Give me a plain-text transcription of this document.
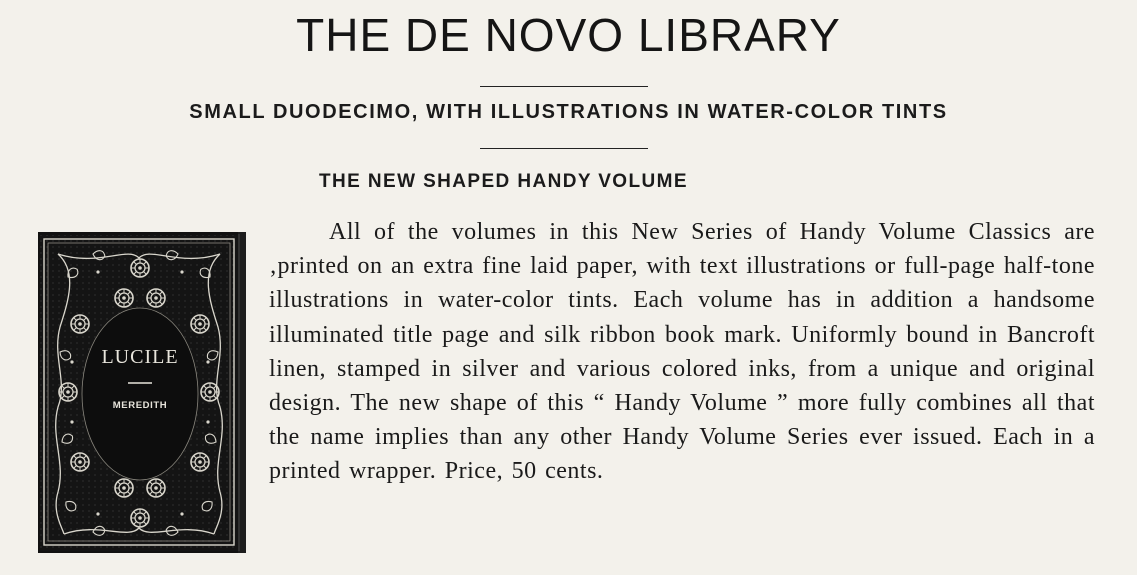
THE DE NOVO LIBRARY
SMALL DUODECIMO, WITH ILLUSTRATIONS IN WATER-COLOR TINTS
THE NEW SHAPED HANDY VOLUME

All of the volumes in this New Series of Handy Volume Classics are ‚printed on an extra fine laid paper, with text illustrations or full-page half-tone illustrations in water-color tints. Each volume has in addition a handsome illuminated title page and silk ribbon book mark. Uniformly bound in Bancroft linen, stamped in silver and various colored inks, from a unique and original design. The new shape of this “ Handy Volume ” more fully combines all that the name implies than any other Handy Volume Series ever issued. Each in a printed wrapper. Price, 50 cents.

LUCILE
MEREDITH
